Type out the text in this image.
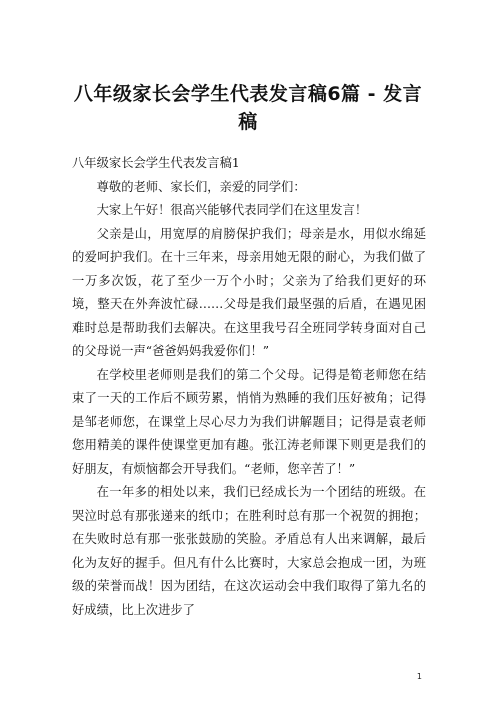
八年级家长会学生代表发言稿6篇 - 发言稿

八年级家长会学生代表发言稿1

尊敬的老师、家长们，亲爱的同学们：

大家上午好！很高兴能够代表同学们在这里发言！

父亲是山，用宽厚的肩膀保护我们；母亲是水，用似水绵延的爱呵护我们。在十三年来，母亲用她无限的耐心，为我们做了一万多次饭，花了至少一万个小时；父亲为了给我们更好的环境，整天在外奔波忙碌……父母是我们最坚强的后盾，在遇见困难时总是帮助我们去解决。在这里我号召全班同学转身面对自己的父母说一声“爸爸妈妈我爱你们！”

在学校里老师则是我们的第二个父母。记得是筍老师您在结束了一天的工作后不顾劳累，悄悄为熟睡的我们压好被角；记得是邹老师您，在课堂上尽心尽力为我们讲解题目；记得是袁老师您用精美的课件使课堂更加有趣。张江涛老师课下则更是我们的好朋友，有烦恼都会开导我们。“老师，您辛苦了！”

在一年多的相处以来，我们已经成长为一个团结的班级。在哭泣时总有那张递来的纸巾；在胜利时总有那一个祝贺的拥抱；在失败时总有那一张张鼓励的笑脸。矛盾总有人出来调解，最后化为友好的握手。但凡有什么比赛时，大家总会抱成一团，为班级的荣誉而战！因为团结，在这次运动会中我们取得了第九名的好成绩，比上次进步了

1
